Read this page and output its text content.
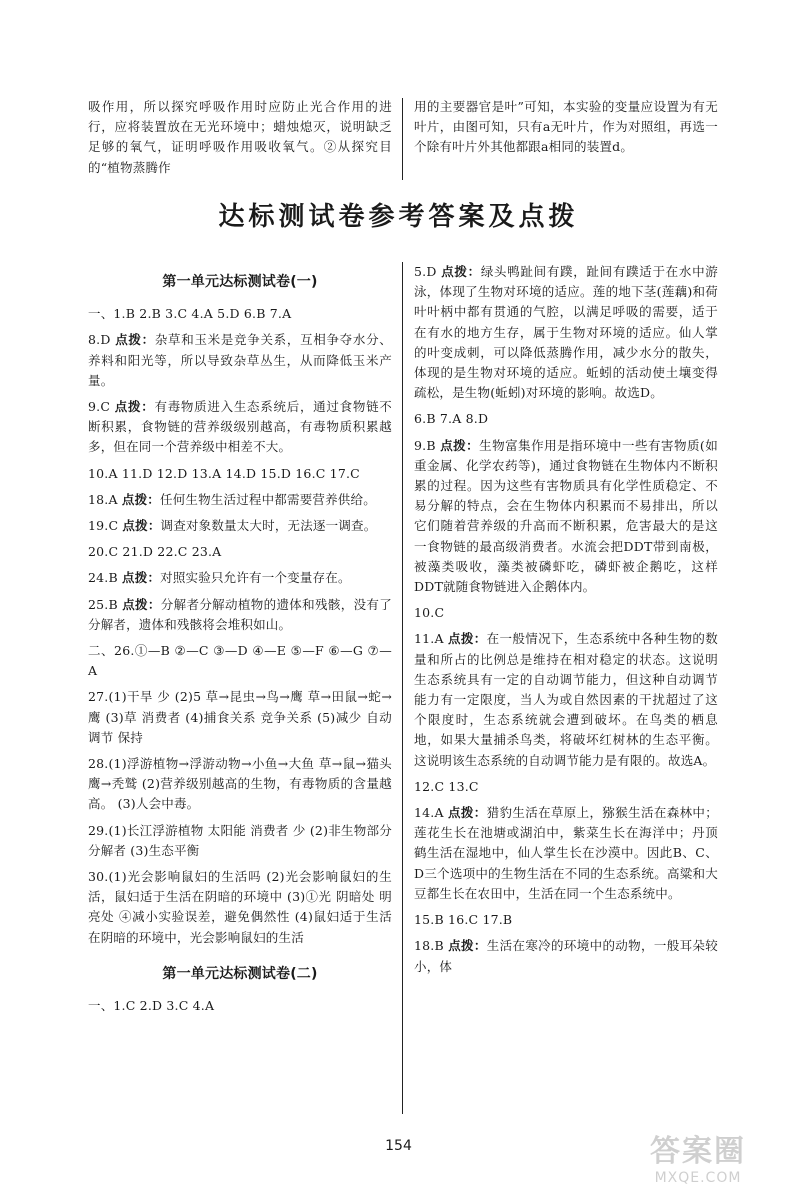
吸作用，所以探究呼吸作用时应防止光合作用的进行，应将装置放在无光环境中；蜡烛熄灭，说明缺乏足够的氧气，证明呼吸作用吸收氧气。②从探究目的“植物蒸腾作

用的主要器官是叶”可知，本实验的变量应设置为有无叶片，由图可知，只有a无叶片，作为对照组，再选一个除有叶片外其他都跟a相同的装置d。

达标测试卷参考答案及点拨

第一单元达标测试卷(一)

一、1.B 2.B 3.C 4.A 5.D 6.B 7.A

8.D 点拨：杂草和玉米是竞争关系，互相争夺水分、养料和阳光等，所以导致杂草丛生，从而降低玉米产量。

9.C 点拨：有毒物质进入生态系统后，通过食物链不断积累，食物链的营养级级别越高，有毒物质积累越多，但在同一个营养级中相差不大。

10.A 11.D 12.D 13.A 14.D 15.D 16.C 17.C

18.A 点拨：任何生物生活过程中都需要营养供给。

19.C 点拨：调查对象数量太大时，无法逐一调查。

20.C 21.D 22.C 23.A

24.B 点拨：对照实验只允许有一个变量存在。

25.B 点拨：分解者分解动植物的遗体和残骸，没有了分解者，遗体和残骸将会堆积如山。

二、26.①—B ②—C ③—D ④—E ⑤—F ⑥—G ⑦—A

27.(1)干旱 少 (2)5 草→昆虫→鸟→鹰 草→田鼠→蛇→鹰 (3)草 消费者 (4)捕食关系 竞争关系 (5)减少 自动调节 保持

28.(1)浮游植物→浮游动物→小鱼→大鱼 草→鼠→猫头鹰→秃鹫 (2)营养级别越高的生物，有毒物质的含量越高。 (3)人会中毒。

29.(1)长江浮游植物 太阳能 消费者 少 (2)非生物部分 分解者 (3)生态平衡

30.(1)光会影响鼠妇的生活吗 (2)光会影响鼠妇的生活，鼠妇适于生活在阴暗的环境中 (3)①光 阴暗处 明亮处 ④减小实验误差，避免偶然性 (4)鼠妇适于生活在阴暗的环境中，光会影响鼠妇的生活

第一单元达标测试卷(二)

一、1.C 2.D 3.C 4.A

5.D 点拨：绿头鸭趾间有蹼，趾间有蹼适于在水中游泳，体现了生物对环境的适应。莲的地下茎(莲藕)和荷叶叶柄中都有贯通的气腔，以满足呼吸的需要，适于在有水的地方生存，属于生物对环境的适应。仙人掌的叶变成刺，可以降低蒸腾作用，减少水分的散失，体现的是生物对环境的适应。蚯蚓的活动使土壤变得疏松，是生物(蚯蚓)对环境的影响。故选D。

6.B 7.A 8.D

9.B 点拨：生物富集作用是指环境中一些有害物质(如重金属、化学农药等)，通过食物链在生物体内不断积累的过程。因为这些有害物质具有化学性质稳定、不易分解的特点，会在生物体内积累而不易排出，所以它们随着营养级的升高而不断积累，危害最大的是这一食物链的最高级消费者。水流会把DDT带到南极，被藻类吸收，藻类被磷虾吃，磷虾被企鹅吃，这样DDT就随食物链进入企鹅体内。

10.C

11.A 点拨：在一般情况下，生态系统中各种生物的数量和所占的比例总是维持在相对稳定的状态。这说明生态系统具有一定的自动调节能力，但这种自动调节能力有一定限度，当人为或自然因素的干扰超过了这个限度时，生态系统就会遭到破坏。在鸟类的栖息地，如果大量捕杀鸟类，将破坏红树林的生态平衡。这说明该生态系统的自动调节能力是有限的。故选A。

12.C 13.C

14.A 点拨：猎豹生活在草原上，猕猴生活在森林中；莲花生长在池塘或湖泊中，紫菜生长在海洋中；丹顶鹤生活在湿地中，仙人掌生长在沙漠中。因此B、C、D三个选项中的生物生活在不同的生态系统。高粱和大豆都生长在农田中，生活在同一个生态系统中。

15.B 16.C 17.B

18.B 点拨：生活在寒冷的环境中的动物，一般耳朵较小，体

154	答案圈
MXQE.COM
